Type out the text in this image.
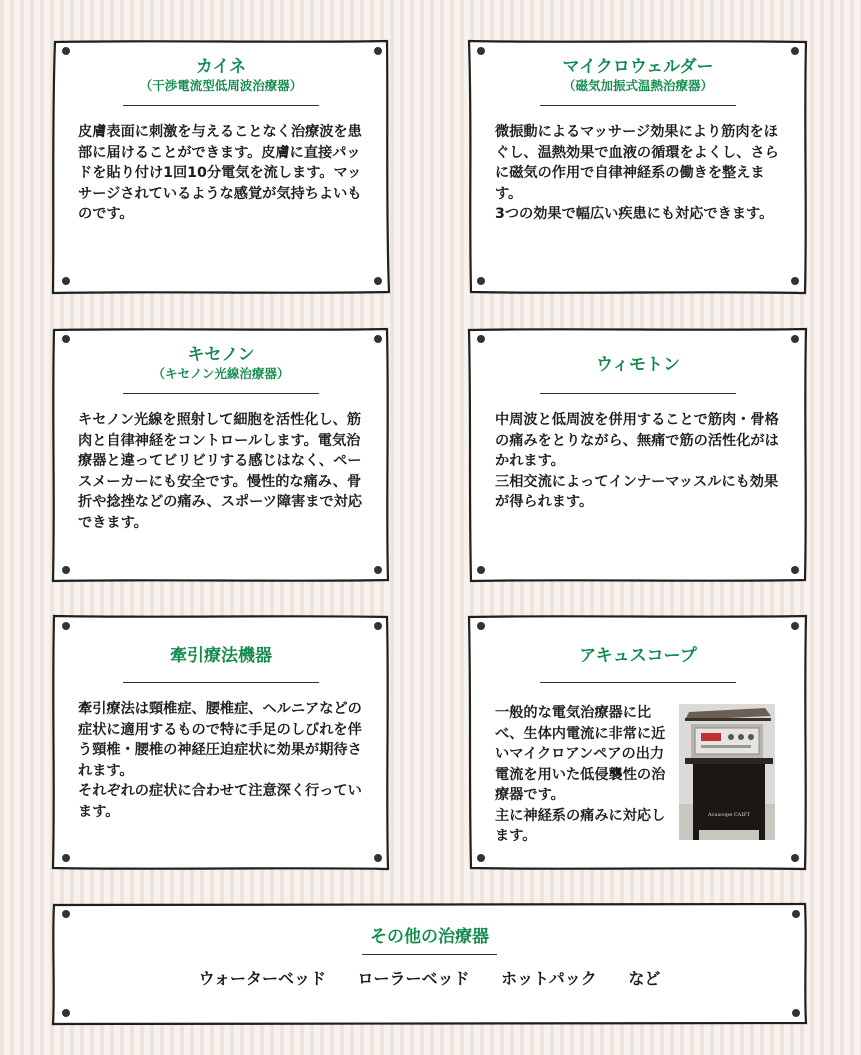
カイネ
（干渉電流型低周波治療器）

皮膚表面に刺激を与えることなく治療波を患部に届けることができます。皮膚に直接パッドを貼り付け1回10分電気を流します。マッサージされているような感覚が気持ちよいものです。

マイクロウェルダー
（磁気加振式温熱治療器）

微振動によるマッサージ効果により筋肉をほぐし、温熱効果で血液の循環をよくし、さらに磁気の作用で自律神経系の働きを整えます。

3つの効果で幅広い疾患にも対応できます。

キセノン
（キセノン光線治療器）

キセノン光線を照射して細胞を活性化し、筋肉と自律神経をコントロールします。電気治療器と違ってビリビリする感じはなく、ペースメーカーにも安全です。慢性的な痛み、骨折や捻挫などの痛み、スポーツ障害まで対応できます。

ウィモトン

中周波と低周波を併用することで筋肉・骨格の痛みをとりながら、無痛で筋の活性化がはかれます。

三相交流によってインナーマッスルにも効果が得られます。

牽引療法機器

牽引療法は頸椎症、腰椎症、ヘルニアなどの症状に適用するもので特に手足のしびれを伴う頸椎・腰椎の神経圧迫症状に効果が期待されます。

それぞれの症状に合わせて注意深く行っています。

アキュスコープ

一般的な電気治療器に比べ、生体内電流に非常に近いマイクロアンペアの出力電流を用いた低侵襲性の治療器です。

主に神経系の痛みに対応します。

Acuscope CAIFT
その他の治療器
ウォーターベッド ローラーベッド ホットパック など
